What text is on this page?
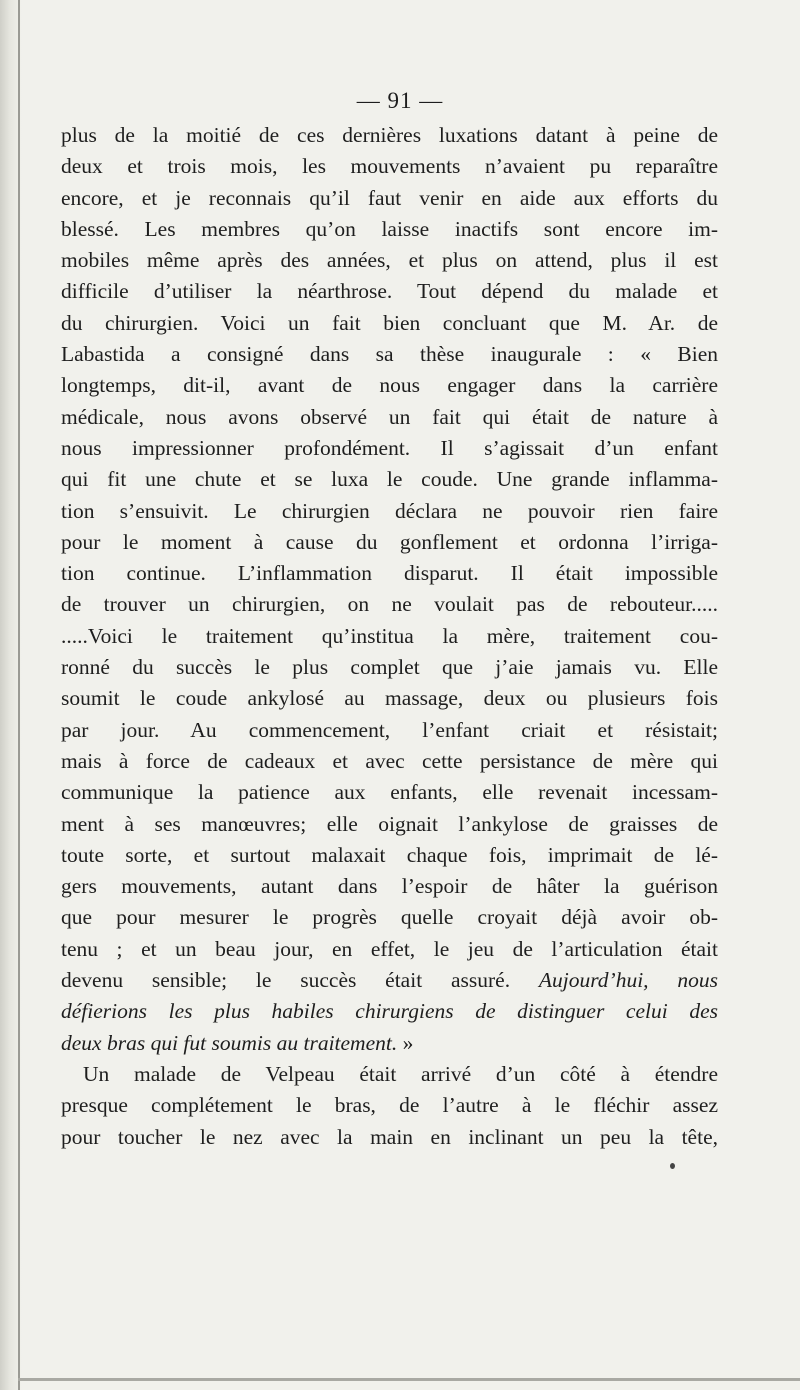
— 91 —
plus de la moitié de ces dernières luxations datant à peine de
deux et trois mois, les mouvements n’avaient pu reparaître
encore, et je reconnais qu’il faut venir en aide aux efforts du
blessé. Les membres qu’on laisse inactifs sont encore im-
mobiles même après des années, et plus on attend, plus il est
difficile d’utiliser la néarthrose. Tout dépend du malade et
du chirurgien. Voici un fait bien concluant que M. Ar. de
Labastida a consigné dans sa thèse inaugurale : « Bien
longtemps, dit-il, avant de nous engager dans la carrière
médicale, nous avons observé un fait qui était de nature à
nous impressionner profondément. Il s’agissait d’un enfant
qui fit une chute et se luxa le coude. Une grande inflamma-
tion s’ensuivit. Le chirurgien déclara ne pouvoir rien faire
pour le moment à cause du gonflement et ordonna l’irriga-
tion continue. L’inflammation disparut. Il était impossible
de trouver un chirurgien, on ne voulait pas de rebouteur.....
.....Voici le traitement qu’institua la mère, traitement cou-
ronné du succès le plus complet que j’aie jamais vu. Elle
soumit le coude ankylosé au massage, deux ou plusieurs fois
par jour. Au commencement, l’enfant criait et résistait;
mais à force de cadeaux et avec cette persistance de mère qui
communique la patience aux enfants, elle revenait incessam-
ment à ses manœuvres; elle oignait l’ankylose de graisses de
toute sorte, et surtout malaxait chaque fois, imprimait de lé-
gers mouvements, autant dans l’espoir de hâter la guérison
que pour mesurer le progrès quelle croyait déjà avoir ob-
tenu ; et un beau jour, en effet, le jeu de l’articulation était
devenu sensible; le succès était assuré. Aujourd’hui, nous
défierions les plus habiles chirurgiens de distinguer celui des
deux bras qui fut soumis au traitement. »
Un malade de Velpeau était arrivé d’un côté à étendre
presque complétement le bras, de l’autre à le fléchir assez
pour toucher le nez avec la main en inclinant un peu la tête,
